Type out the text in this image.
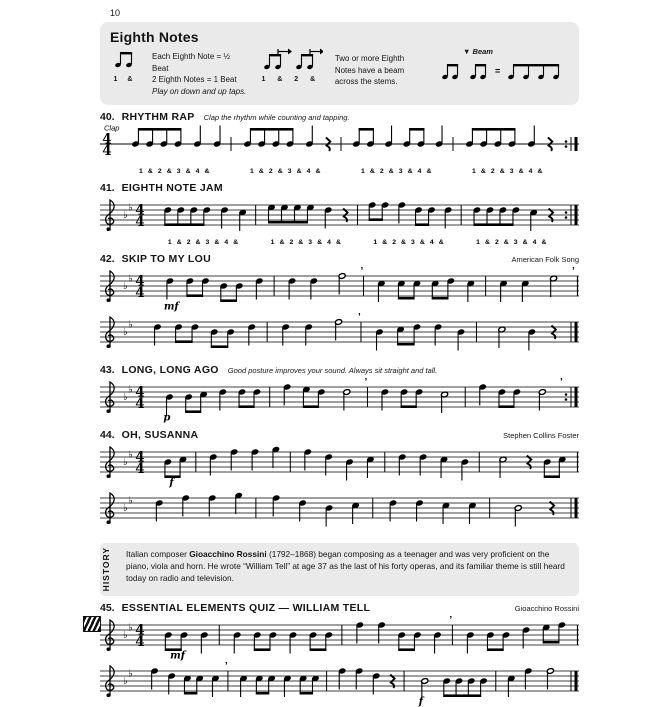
10
Eighth Notes
1 &
Each Eighth Note = ½ Beat
2 Eighth Notes = 1 Beat
Play on down and up taps.
1 & 2 &
Two or more Eighth Notes have a beam across the stems.
▼ Beam
=
40. RHYTHM RAP Clap the rhythm while counting and tapping.
4
4
Clap
1 & 2 & 3 & 4 &	1 & 2 & 3 & 4 &	1 & 2 & 3 & 4 &	1 & 2 & 3 & 4 &
41. EIGHTH NOTE JAM
♭
♭ 4
4
1 & 2 & 3 & 4 &	1 & 2 & 3 & 4 &	1 & 2 & 3 & 4 &	1 & 2 & 3 & 4 &
42. SKIP TO MY LOU	American Folk Song
♭
♭ 4
4
mf
’	’
♭
♭
’
43. LONG, LONG AGO Good posture improves your sound. Always sit straight and tall.
♭
♭ 4
4
p
’	’
44. OH, SUSANNA	Stephen Collins Foster
♭
♭ 4
4
f
♭
♭
HISTORY	Italian composer Gioacchino Rossini (1792–1868) began composing as a teenager and was very proficient on the piano, viola and horn. He wrote “William Tell” at age 37 as the last of his forty operas, and its familiar theme is still heard today on radio and television.
45. ESSENTIAL ELEMENTS QUIZ — WILLIAM TELL	Gioacchino Rossini
♭
♭ 4
4
mf
’
♭
♭
’
f
